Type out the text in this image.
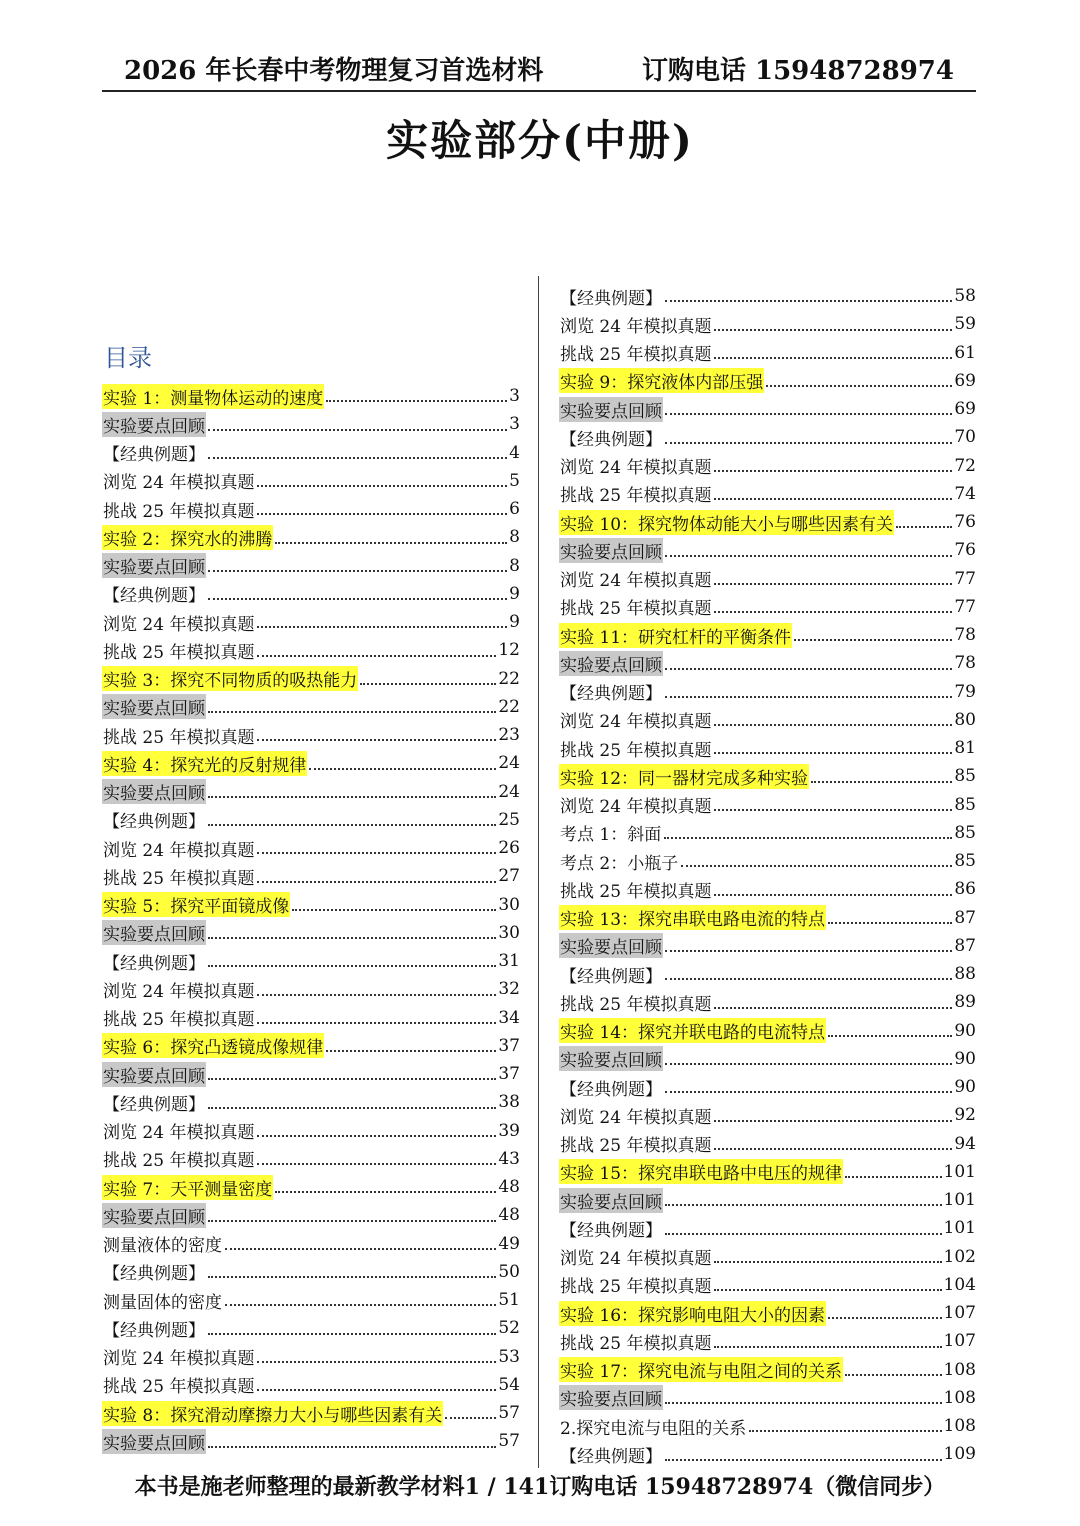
2026 年长春中考物理复习首选材料	订购电话 15948728974
实验部分(中册)
目录
实验 1：测量物体运动的速度	3
实验要点回顾	3
【经典例题】	4
浏览 24 年模拟真题	5
挑战 25 年模拟真题	6
实验 2：探究水的沸腾	8
实验要点回顾	8
【经典例题】	9
浏览 24 年模拟真题	9
挑战 25 年模拟真题	12
实验 3：探究不同物质的吸热能力	22
实验要点回顾	22
挑战 25 年模拟真题	23
实验 4：探究光的反射规律	24
实验要点回顾	24
【经典例题】	25
浏览 24 年模拟真题	26
挑战 25 年模拟真题	27
实验 5：探究平面镜成像	30
实验要点回顾	30
【经典例题】	31
浏览 24 年模拟真题	32
挑战 25 年模拟真题	34
实验 6：探究凸透镜成像规律	37
实验要点回顾	37
【经典例题】	38
浏览 24 年模拟真题	39
挑战 25 年模拟真题	43
实验 7：天平测量密度	48
实验要点回顾	48
测量液体的密度	49
【经典例题】	50
测量固体的密度	51
【经典例题】	52
浏览 24 年模拟真题	53
挑战 25 年模拟真题	54
实验 8：探究滑动摩擦力大小与哪些因素有关	57
实验要点回顾	57
【经典例题】	58
浏览 24 年模拟真题	59
挑战 25 年模拟真题	61
实验 9：探究液体内部压强	69
实验要点回顾	69
【经典例题】	70
浏览 24 年模拟真题	72
挑战 25 年模拟真题	74
实验 10：探究物体动能大小与哪些因素有关	76
实验要点回顾	76
浏览 24 年模拟真题	77
挑战 25 年模拟真题	77
实验 11：研究杠杆的平衡条件	78
实验要点回顾	78
【经典例题】	79
浏览 24 年模拟真题	80
挑战 25 年模拟真题	81
实验 12：同一器材完成多种实验	85
浏览 24 年模拟真题	85
考点 1：斜面	85
考点 2：小瓶子	85
挑战 25 年模拟真题	86
实验 13：探究串联电路电流的特点	87
实验要点回顾	87
【经典例题】	88
挑战 25 年模拟真题	89
实验 14：探究并联电路的电流特点	90
实验要点回顾	90
【经典例题】	90
浏览 24 年模拟真题	92
挑战 25 年模拟真题	94
实验 15：探究串联电路中电压的规律	101
实验要点回顾	101
【经典例题】	101
浏览 24 年模拟真题	102
挑战 25 年模拟真题	104
实验 16：探究影响电阻大小的因素	107
挑战 25 年模拟真题	107
实验 17：探究电流与电阻之间的关系	108
实验要点回顾	108
2.探究电流与电阻的关系	108
【经典例题】	109
本书是施老师整理的最新教学材料1 / 141订购电话 15948728974（微信同步）
